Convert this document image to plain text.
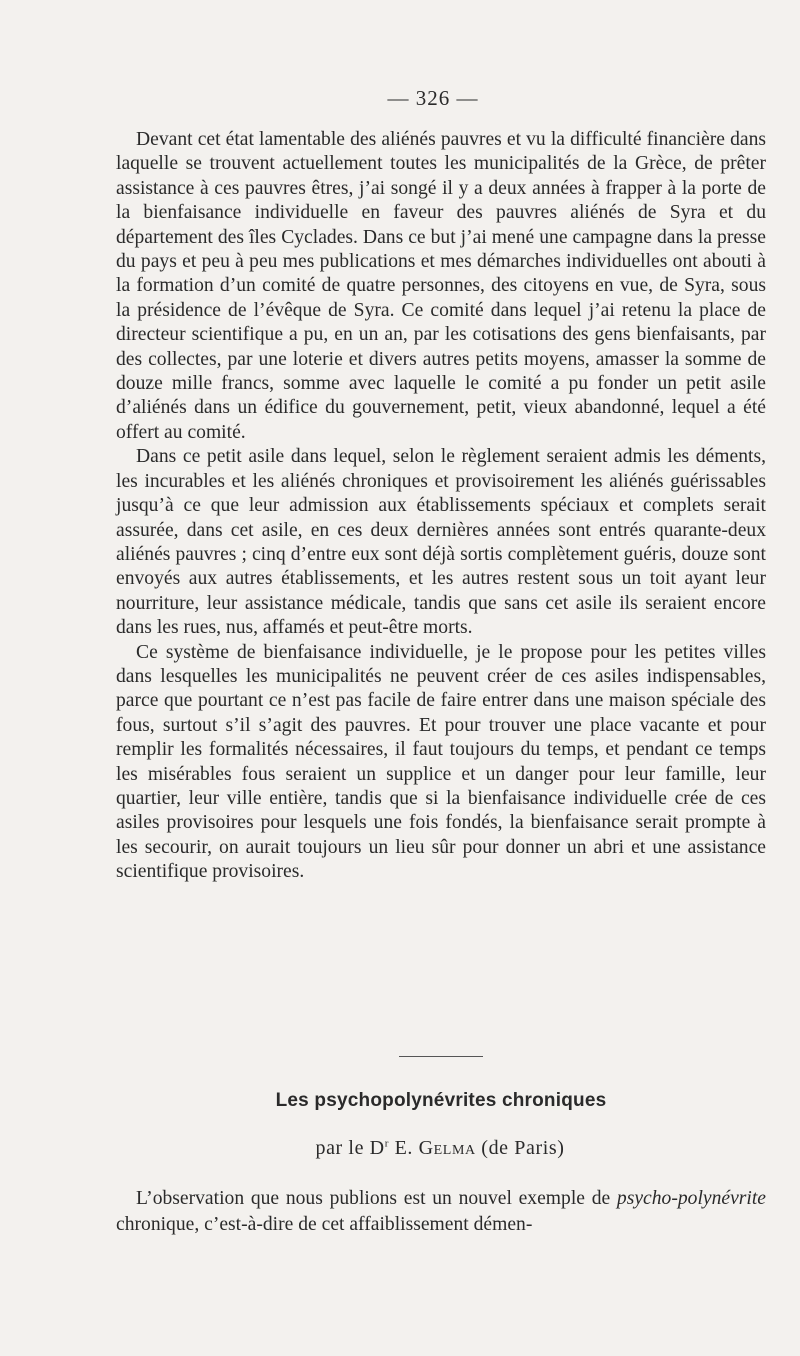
— 326 —

Devant cet état lamentable des aliénés pauvres et vu la difficulté financière dans laquelle se trouvent actuellement toutes les municipalités de la Grèce, de prêter assistance à ces pauvres êtres, j’ai songé il y a deux années à frapper à la porte de la bienfaisance individuelle en faveur des pauvres aliénés de Syra et du département des îles Cyclades. Dans ce but j’ai mené une campagne dans la presse du pays et peu à peu mes publications et mes démarches individuelles ont abouti à la formation d’un comité de quatre personnes, des citoyens en vue, de Syra, sous la présidence de l’évêque de Syra. Ce comité dans lequel j’ai retenu la place de directeur scientifique a pu, en un an, par les cotisations des gens bienfaisants, par des collectes, par une loterie et divers autres petits moyens, amasser la somme de douze mille francs, somme avec laquelle le comité a pu fonder un petit asile d’aliénés dans un édifice du gouvernement, petit, vieux abandonné, lequel a été offert au comité.

Dans ce petit asile dans lequel, selon le règlement seraient admis les déments, les incurables et les aliénés chroniques et provisoirement les aliénés guérissables jusqu’à ce que leur admission aux établissements spéciaux et complets serait assurée, dans cet asile, en ces deux dernières années sont entrés quarante-deux aliénés pauvres ; cinq d’entre eux sont déjà sortis complètement guéris, douze sont envoyés aux autres établissements, et les autres restent sous un toit ayant leur nourriture, leur assistance médicale, tandis que sans cet asile ils seraient encore dans les rues, nus, affamés et peut-être morts.

Ce système de bienfaisance individuelle, je le propose pour les petites villes dans lesquelles les municipalités ne peuvent créer de ces asiles indispensables, parce que pourtant ce n’est pas facile de faire entrer dans une maison spéciale des fous, surtout s’il s’agit des pauvres. Et pour trouver une place vacante et pour remplir les formalités nécessaires, il faut toujours du temps, et pendant ce temps les misérables fous seraient un supplice et un danger pour leur famille, leur quartier, leur ville entière, tandis que si la bienfaisance individuelle crée de ces asiles provisoires pour lesquels une fois fondés, la bienfaisance serait prompte à les secourir, on aurait toujours un lieu sûr pour donner un abri et une assistance scientifique provisoires.

Les psychopolynévrites chroniques
par le $D^r$ E. Gelma (de Paris)

L’observation que nous publions est un nouvel exemple de psycho-polynévrite chronique, c’est-à-dire de cet affaiblissement démen-
